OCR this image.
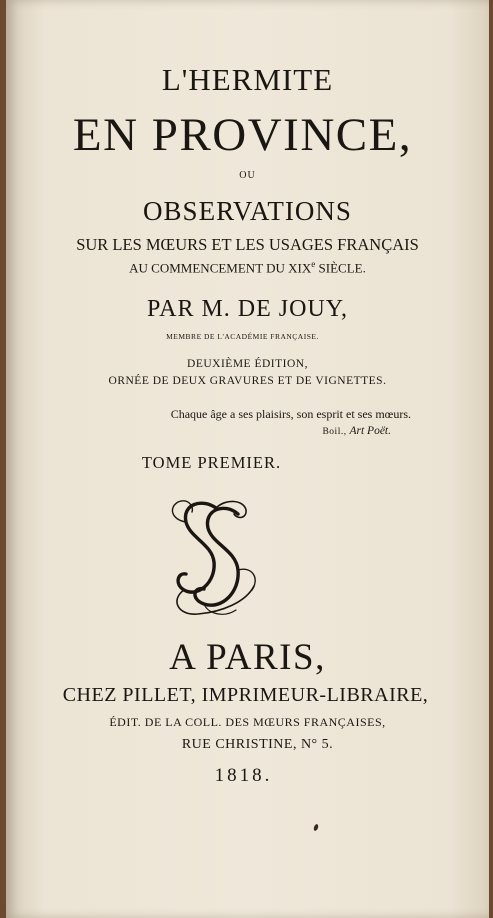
L'HERMITE
EN PROVINCE,
OU
OBSERVATIONS
SUR LES MŒURS ET LES USAGES FRANÇAIS
AU COMMENCEMENT DU XIXe SIÈCLE.
PAR M. DE JOUY,
MEMBRE DE L'ACADÉMIE FRANÇAISE.
DEUXIÈME ÉDITION,
ORNÉE DE DEUX GRAVURES ET DE VIGNETTES.
Chaque âge a ses plaisirs, son esprit et ses mœurs.
Boil., Art Poët.
TOME PREMIER.
A PARIS,
CHEZ PILLET, IMPRIMEUR-LIBRAIRE,
ÉDIT. DE LA COLL. DES MŒURS FRANÇAISES,
RUE CHRISTINE, N° 5.
1818.
